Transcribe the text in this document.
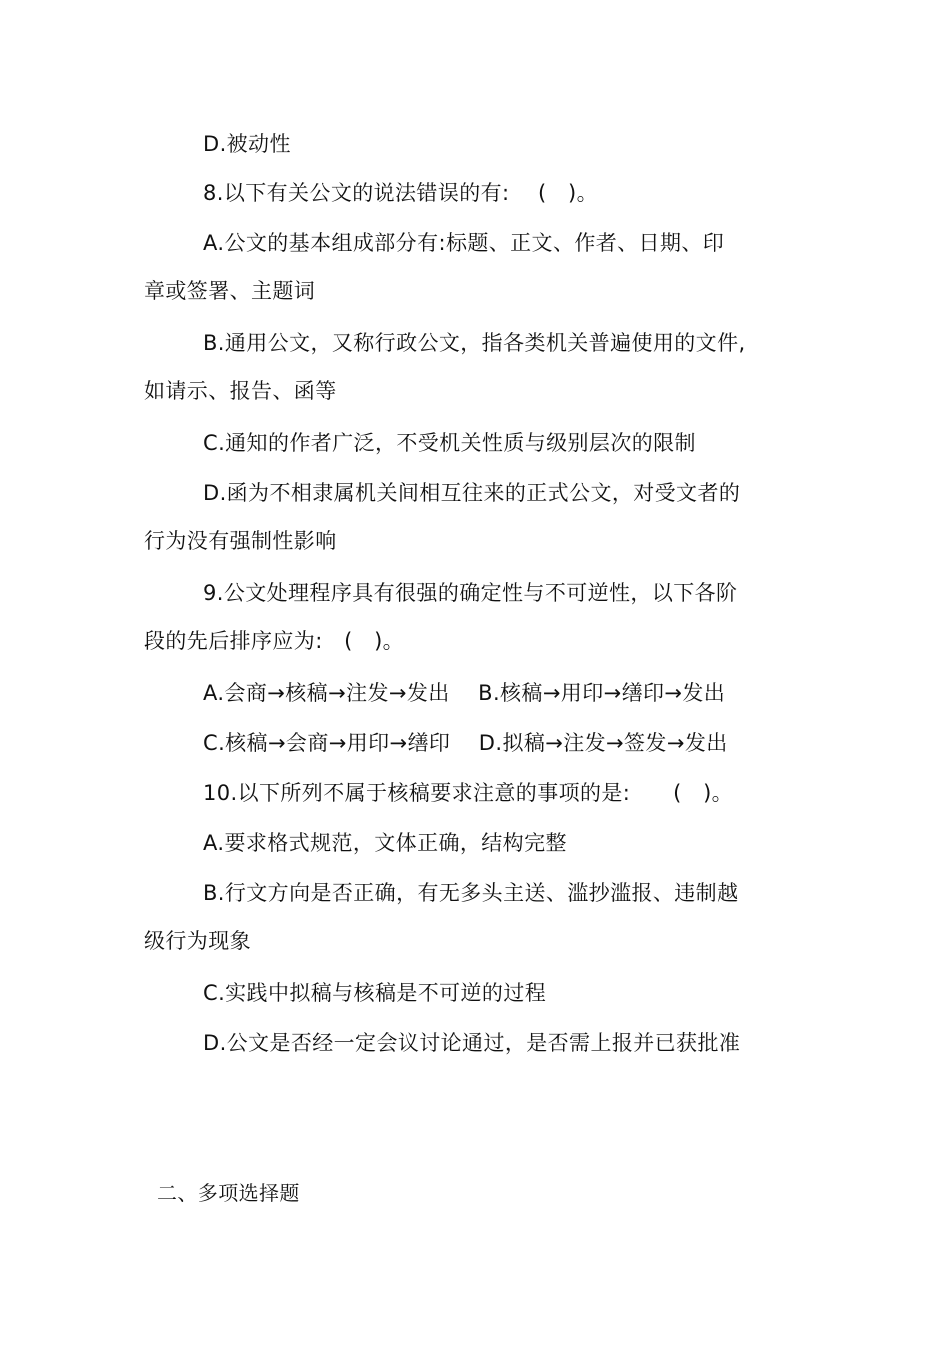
D.被动性
8.以下有关公文的说法错误的有:　 (　)。
A.公文的基本组成部分有:标题、正文、作者、日期、印
章或签署、主题词
B.通用公文，又称行政公文，指各类机关普遍使用的文件,
如请示、报告、函等
C.通知的作者广泛，不受机关性质与级别层次的限制
D.函为不相隶属机关间相互往来的正式公文，对受文者的
行为没有强制性影响
9.公文处理程序具有很强的确定性与不可逆性，以下各阶
段的先后排序应为:　(　)。
A.会商→核稿→注发→发出　 B.核稿→用印→缮印→发出
C.核稿→会商→用印→缮印　 D.拟稿→注发→签发→发出
10.以下所列不属于核稿要求注意的事项的是:　　(　)。
A.要求格式规范，文体正确，结构完整
B.行文方向是否正确，有无多头主送、滥抄滥报、违制越
级行为现象
C.实践中拟稿与核稿是不可逆的过程
D.公文是否经一定会议讨论通过，是否需上报并已获批准
二、多项选择题
